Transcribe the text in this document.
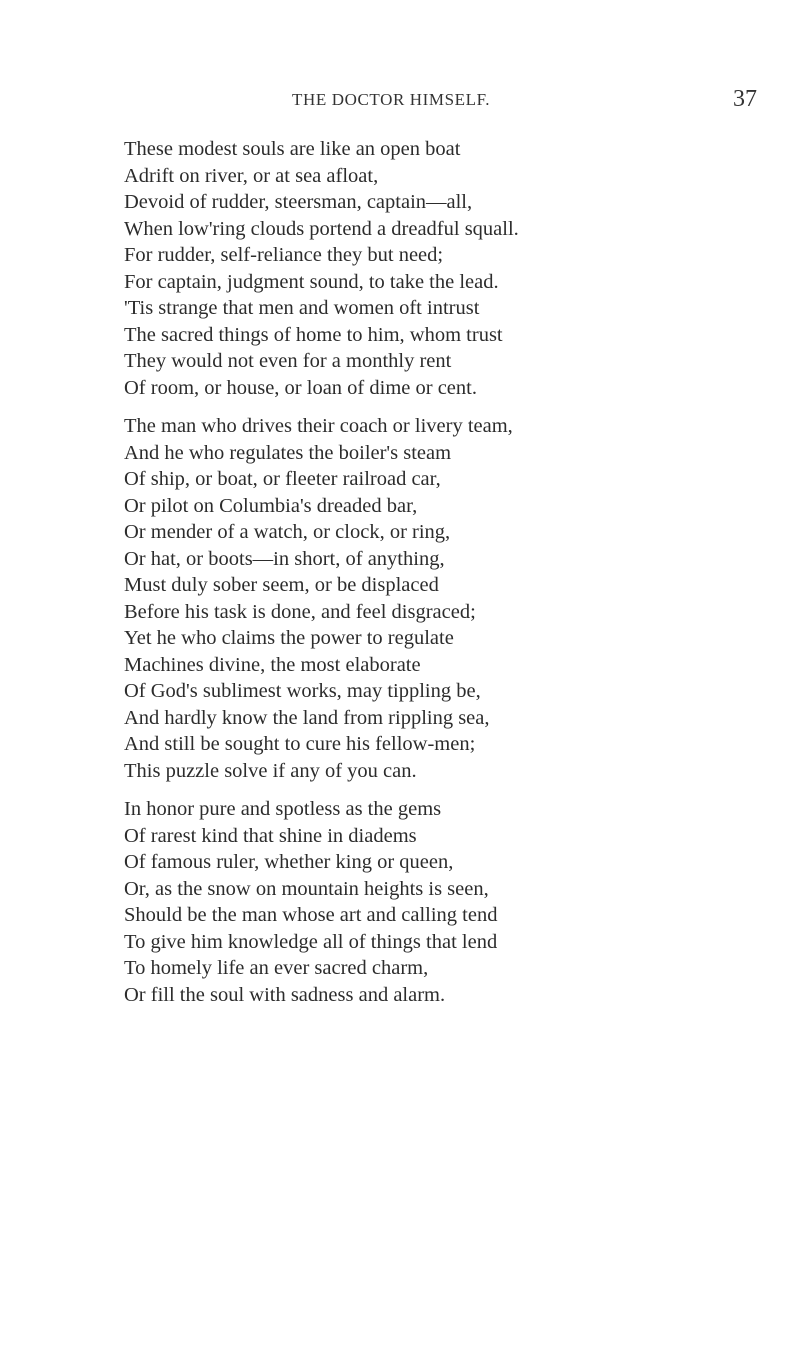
THE DOCTOR HIMSELF.	37
These modest souls are like an open boat
Adrift on river, or at sea afloat,
Devoid of rudder, steersman, captain—all,
When low'ring clouds portend a dreadful squall.
For rudder, self-reliance they but need;
For captain, judgment sound, to take the lead.
'Tis strange that men and women oft intrust
The sacred things of home to him, whom trust
They would not even for a monthly rent
Of room, or house, or loan of dime or cent.
The man who drives their coach or livery team,
And he who regulates the boiler's steam
Of ship, or boat, or fleeter railroad car,
Or pilot on Columbia's dreaded bar,
Or mender of a watch, or clock, or ring,
Or hat, or boots—in short, of anything,
Must duly sober seem, or be displaced
Before his task is done, and feel disgraced;
Yet he who claims the power to regulate
Machines divine, the most elaborate
Of God's sublimest works, may tippling be,
And hardly know the land from rippling sea,
And still be sought to cure his fellow-men;
This puzzle solve if any of you can.
In honor pure and spotless as the gems
Of rarest kind that shine in diadems
Of famous ruler, whether king or queen,
Or, as the snow on mountain heights is seen,
Should be the man whose art and calling tend
To give him knowledge all of things that lend
To homely life an ever sacred charm,
Or fill the soul with sadness and alarm.
